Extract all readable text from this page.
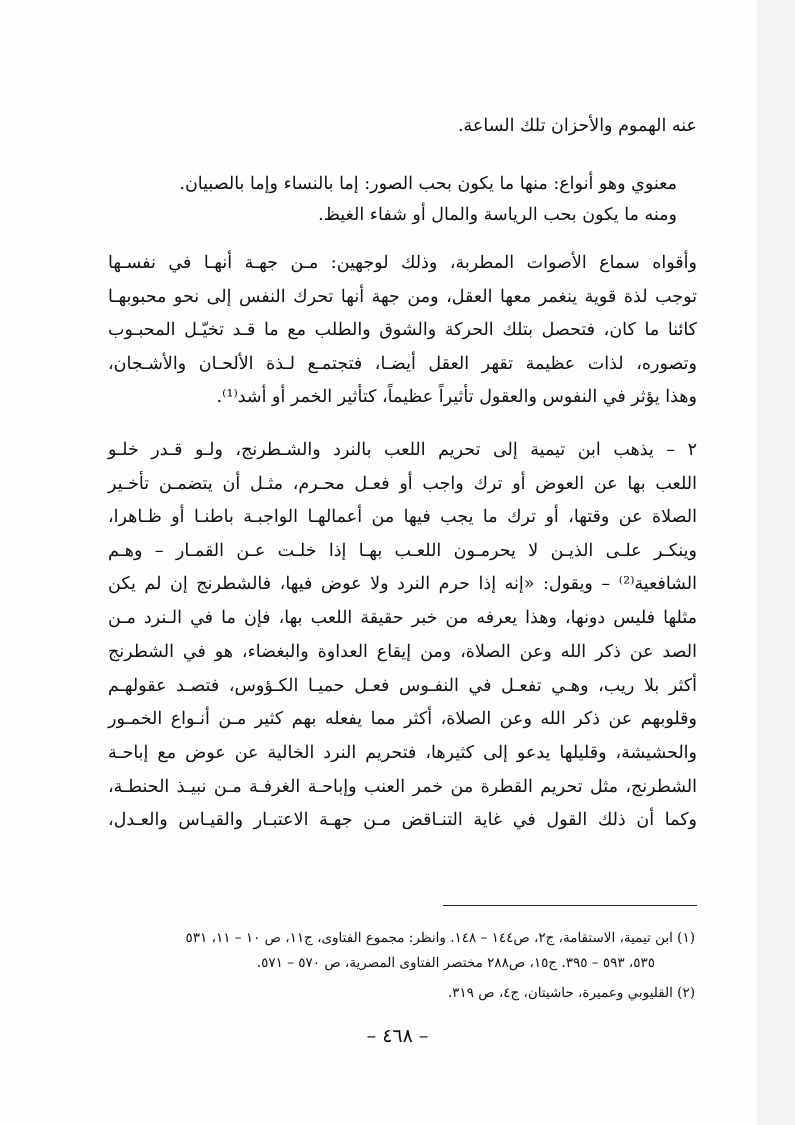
عنه الهموم والأحزان تلك الساعة.
معنوي وهو أنواع: منها ما يكون بحب الصور: إما بالنساء وإما بالصبيان.
ومنه ما يكون بحب الرياسة والمال أو شفاء الغيظ.
وأقواه سماع الأصوات المطربة، وذلك لوجهين: مـن جهـة أنهـا في نفسـها
توجب لذة قوية ينغمر معها العقل، ومن جهة أنها تحرك النفس إلى نحو محبوبهـا
كائنا ما كان، فتحصل بتلك الحركة والشوق والطلب مع ما قـد تخيّـل المحبـوب
وتصوره، لذات عظيمة تقهر العقل أيضـا، فتجتمـع لـذة الألحـان والأشـجان،
وهذا يؤثر في النفوس والعقول تأثيراً عظيماً، كتأثير الخمر أو أشد⁽¹⁾.
٢ – يذهب ابن تيمية إلى تحريم اللعب بالنرد والشـطرنج، ولـو قـدر خلـو
اللعب بها عن العوض أو ترك واجب أو فعـل محـرم، مثـل أن يتضمـن تأخـير
الصلاة عن وقتها، أو ترك ما يجب فيها من أعمالهـا الواجبـة باطنـا أو ظـاهرا،
وينكـر علـى الذيـن لا يحرمـون اللعـب بهـا إذا خلـت عـن القمـار – وهـم
الشافعية⁽²⁾ – ويقول: «إنه إذا حرم النرد ولا عوض فيها، فالشطرنج إن لم يكن
مثلها فليس دونها، وهذا يعرفه من خبر حقيقة اللعب بها، فإن ما في الـنرد مـن
الصد عن ذكر الله وعن الصلاة، ومن إيقاع العداوة والبغضاء، هو في الشطرنج
أكثر بلا ريب، وهـي تفعـل في النفـوس فعـل حميـا الكـؤوس، فتصـد عقولهـم
وقلوبهم عن ذكر الله وعن الصلاة، أكثر مما يفعله بهم كثير مـن أنـواع الخمـور
والحشيشة، وقليلها يدعو إلى كثيرها، فتحريم النرد الخالية عن عوض مع إباحـة
الشطرنج، مثل تحريم القطرة من خمر العنب وإباحـة الغرفـة مـن نبيـذ الحنطـة،
وكما أن ذلك القول في غاية التنـاقض مـن جهـة الاعتبـار والقيـاس والعـدل،
(١) ابن تيمية، الاستقامة، ج٢، ص١٤٤ – ١٤٨. وانظر: مجموع الفتاوى، ج١١، ص ١٠ – ١١، ٥٣١
٥٣٥، ٥٩٣ – ٣٩٥. ج١٥، ص٢٨٨ مختصر الفتاوى المصرية، ص ٥٧٠ – ٥٧١.
(٢) القليوبي وعميرة، حاشيتان، ج٤، ص ٣١٩.
– ٤٦٨ –
